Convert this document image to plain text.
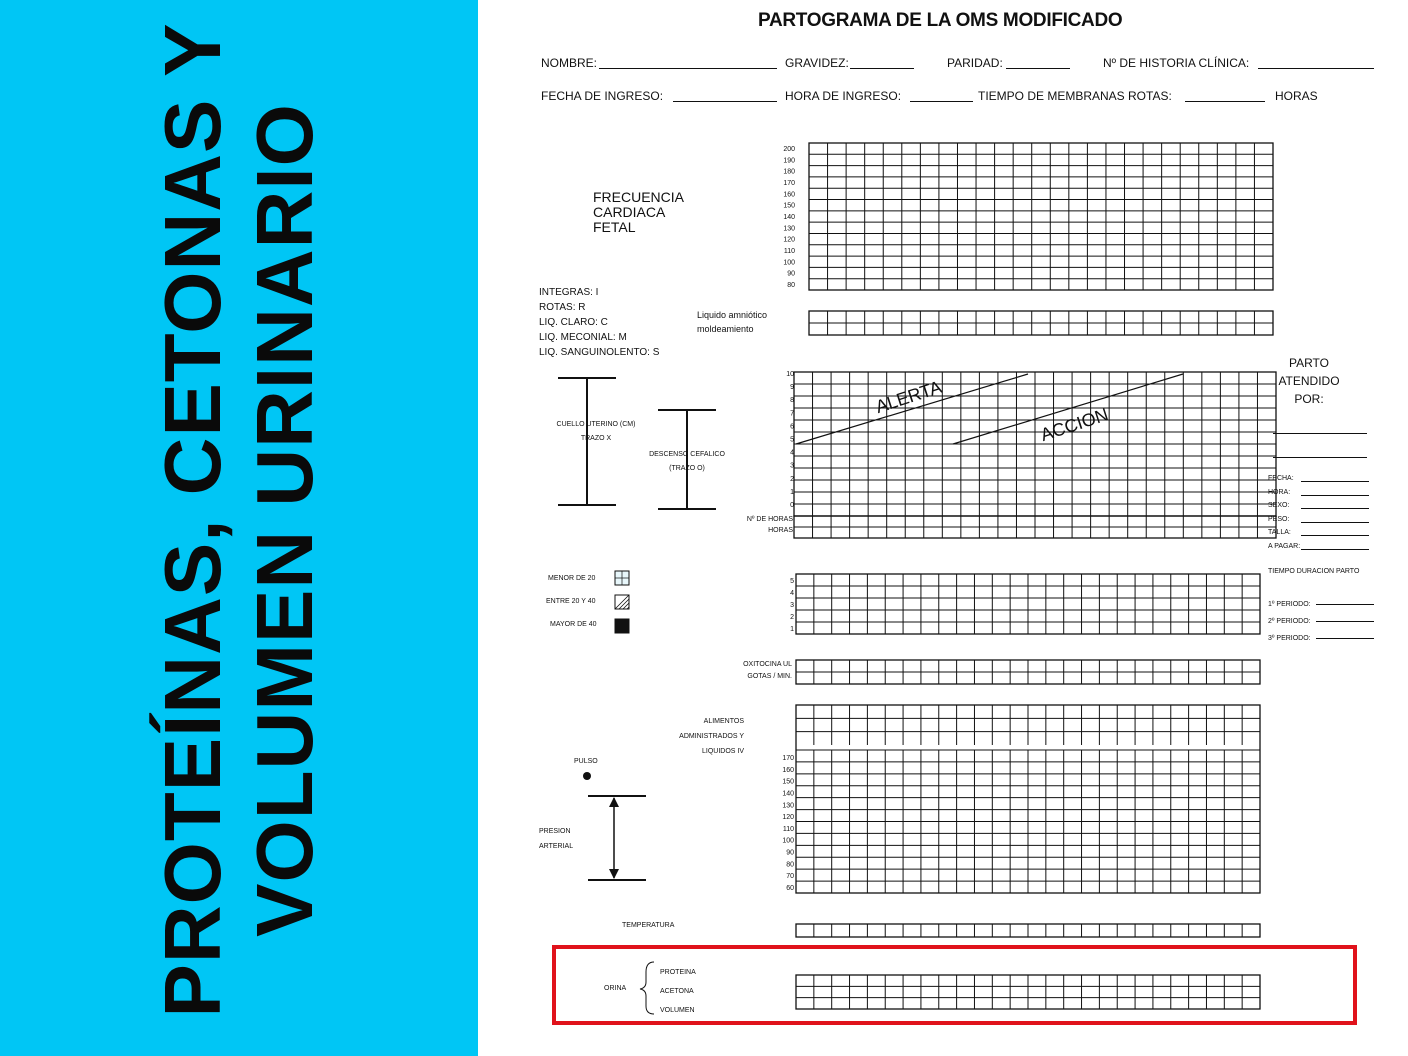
PROTEÍNAS, CETONAS Y VOLUMEN URINARIO	200
190
180
170
160
150
140
130
120
110
100
90
80
10
9
8
7
6
5
4
3
2
1
0
5
4
3
2
1
170
160
150
140
130
120
110
100
90
80
70
60
PARTOGRAMA DE LA OMS MODIFICADO
NOMBRE:	GRAVIDEZ:	PARIDAD:	Nº DE HISTORIA CLÍNICA:
FECHA DE INGRESO:	HORA DE INGRESO:	TIEMPO DE MEMBRANAS ROTAS:	HORAS
FRECUENCIA
CARDIACA
FETAL
INTEGRAS: I
ROTAS: R
LIQ. CLARO: C
LIQ. MECONIAL: M
LIQ. SANGUINOLENTO: S
Liquido amniótico
moldeamiento
CUELLO UTERINO (CM)
TRAZO X
DESCENSO CEFALICO
(TRAZO O)
Nº DE HORAS
HORAS
ALERTA
ACCION
PARTO
ATENDIDO
POR:
FECHA:
HORA:
SEXO:
PESO:
TALLA:
A PAGAR:
TIEMPO DURACION PARTO
1º PERIODO:
2º PERIODO:
3º PERIODO:
MENOR DE 20
ENTRE 20 Y 40
MAYOR DE 40
OXITOCINA UL
GOTAS / MIN.
ALIMENTOS
ADMINISTRADOS Y
LIQUIDOS IV
PULSO
PRESION
ARTERIAL
TEMPERATURA
ORINA
PROTEINA
ACETONA
VOLUMEN
